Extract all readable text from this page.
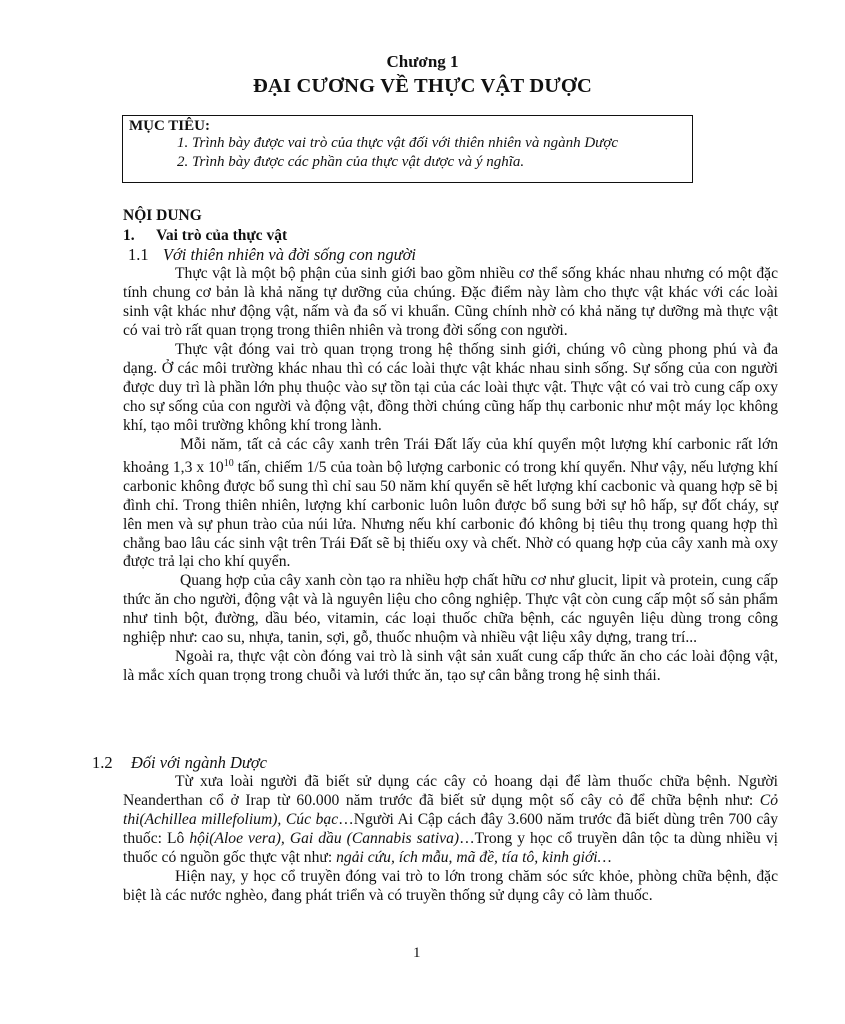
Chương 1
ĐẠI CƯƠNG VỀ THỰC VẬT DƯỢC
MỤC TIÊU:
1. Trình bày được vai trò của thực vật đối với thiên nhiên và ngành Dược
2. Trình bày được các phần của thực vật dược và ý nghĩa.
NỘI DUNG
1. Vai trò của thực vật
1.1 Với thiên nhiên và đời sống con người

Thực vật là một bộ phận của sinh giới bao gồm nhiều cơ thể sống khác nhau nhưng có một đặc tính chung cơ bản là khả năng tự dưỡng của chúng. Đặc điểm này làm cho thực vật khác với các loài sinh vật khác như động vật, nấm và đa số vi khuẩn. Cũng chính nhờ có khả năng tự dưỡng mà thực vật có vai trò rất quan trọng trong thiên nhiên và trong đời sống con người.

Thực vật đóng vai trò quan trọng trong hệ thống sinh giới, chúng vô cùng phong phú và đa dạng. Ở các môi trường khác nhau thì có các loài thực vật khác nhau sinh sống. Sự sống của con người được duy trì là phần lớn phụ thuộc vào sự tồn tại của các loài thực vật. Thực vật có vai trò cung cấp oxy cho sự sống của con người và động vật, đồng thời chúng cũng hấp thụ carbonic như một máy lọc không khí, tạo môi trường không khí trong lành.

Mỗi năm, tất cả các cây xanh trên Trái Đất lấy của khí quyển một lượng khí carbonic rất lớn khoảng 1,3 x $10^{10}$ tấn, chiếm 1/5 của toàn bộ lượng carbonic có trong khí quyển. Như vậy, nếu lượng khí carbonic không được bổ sung thì chỉ sau 50 năm khí quyển sẽ hết lượng khí cacbonic và quang hợp sẽ bị đình chỉ. Trong thiên nhiên, lượng khí carbonic luôn luôn được bổ sung bởi sự hô hấp, sự đốt cháy, sự lên men và sự phun trào của núi lửa. Nhưng nếu khí carbonic đó không bị tiêu thụ trong quang hợp thì chẳng bao lâu các sinh vật trên Trái Đất sẽ bị thiếu oxy và chết. Nhờ có quang hợp của cây xanh mà oxy được trả lại cho khí quyển.

Quang hợp của cây xanh còn tạo ra nhiều hợp chất hữu cơ như glucit, lipit và protein, cung cấp thức ăn cho người, động vật và là nguyên liệu cho công nghiệp. Thực vật còn cung cấp một số sản phẩm như tinh bột, đường, dầu béo, vitamin, các loại thuốc chữa bệnh, các nguyên liệu dùng trong công nghiệp như: cao su, nhựa, tanin, sợi, gỗ, thuốc nhuộm và nhiều vật liệu xây dựng, trang trí...

Ngoài ra, thực vật còn đóng vai trò là sinh vật sản xuất cung cấp thức ăn cho các loài động vật, là mắc xích quan trọng trong chuỗi và lưới thức ăn, tạo sự cân bằng trong hệ sinh thái.

1.2 Đối với ngành Dược

Từ xưa loài người đã biết sử dụng các cây cỏ hoang dại để làm thuốc chữa bệnh. Người Neanderthan cổ ở Irap từ 60.000 năm trước đã biết sử dụng một số cây cỏ để chữa bệnh như: Cỏ thi(Achillea millefolium), Cúc bạc…Người Ai Cập cách đây 3.600 năm trước đã biết dùng trên 700 cây thuốc: Lô hội(Aloe vera), Gai dầu (Cannabis sativa)…Trong y học cổ truyền dân tộc ta dùng nhiều vị thuốc có nguồn gốc thực vật như: ngải cứu, ích mẫu, mã đề, tía tô, kinh giới…

Hiện nay, y học cổ truyền đóng vai trò to lớn trong chăm sóc sức khỏe, phòng chữa bệnh, đặc biệt là các nước nghèo, đang phát triển và có truyền thống sử dụng cây cỏ làm thuốc.

1
